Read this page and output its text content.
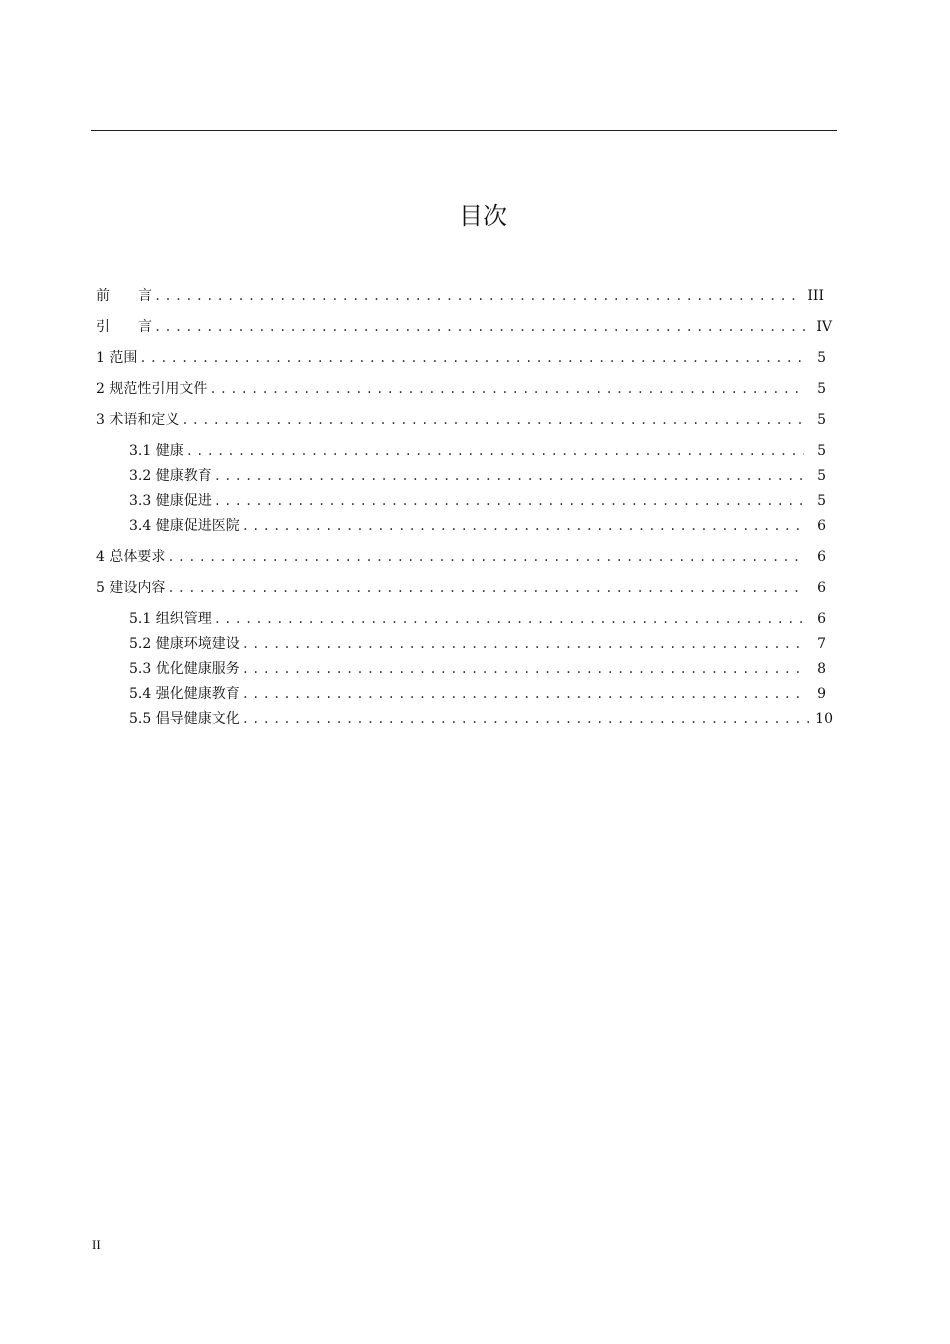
目次
前　　言 .....	III
引　　言 .....	IV
1 范围 .....	5
2 规范性引用文件 .....	5
3 术语和定义 .....	5
3.1 健康 .....	5
3.2 健康教育 .....	5
3.3 健康促进 .....	5
3.4 健康促进医院 .....	6
4 总体要求 .....	6
5 建设内容 .....	6
5.1 组织管理 .....	6
5.2 健康环境建设 .....	7
5.3 优化健康服务 .....	8
5.4 强化健康教育 .....	9
5.5 倡导健康文化 .....	10
II
